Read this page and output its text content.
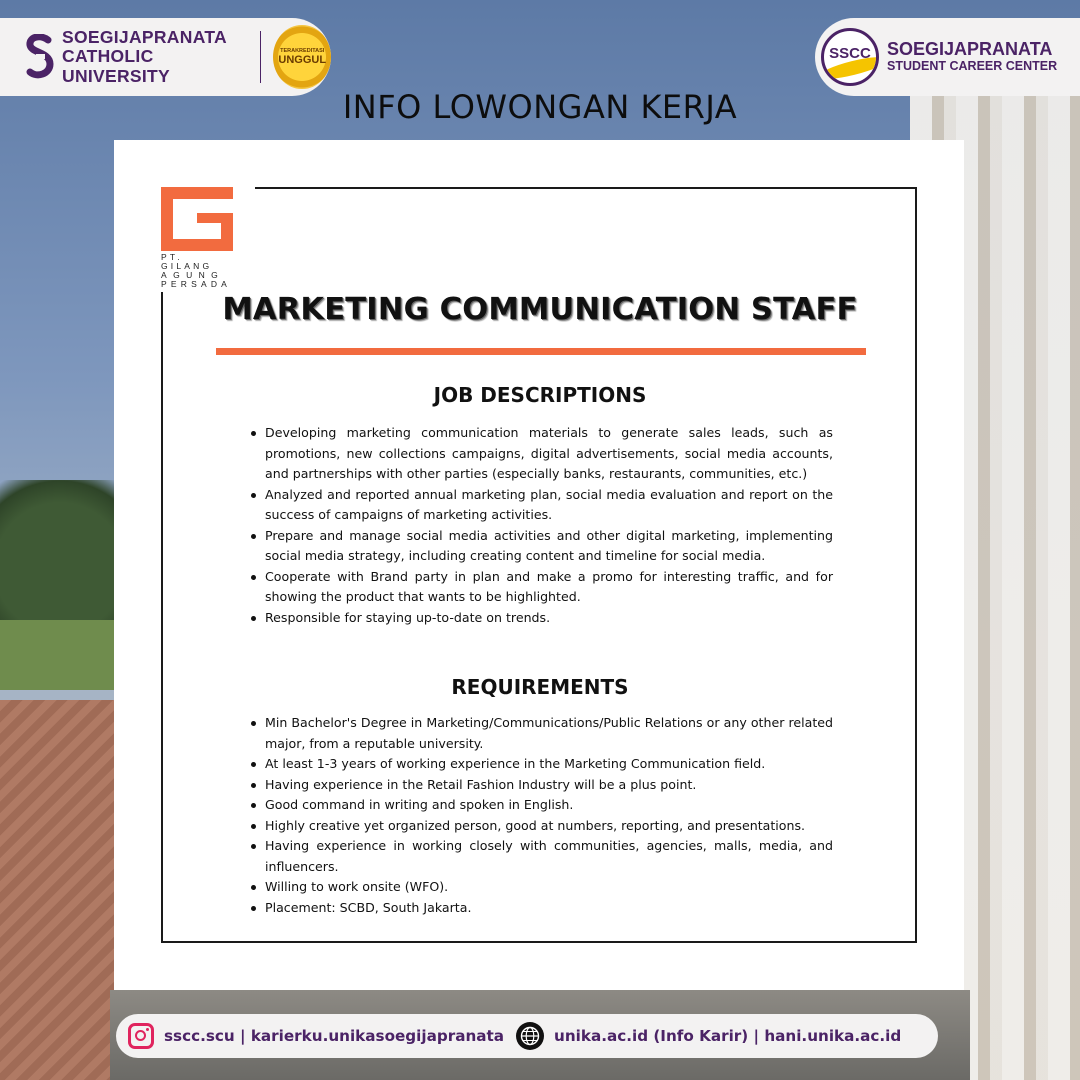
SOEGIJAPRANATA
CATHOLIC UNIVERSITY
TERAKREDITASI
UNGGUL	SSCC SOEGIJAPRANATA
STUDENT CAREER CENTER
INFO LOWONGAN KERJA
PT. GILANG
AGUNG
PERSADA
MARKETING COMMUNICATION STAFF
JOB DESCRIPTIONS
Developing marketing communication materials to generate sales leads, such as promotions, new collections campaigns, digital advertisements, social media accounts, and partnerships with other parties (especially banks, restaurants, communities, etc.)
Analyzed and reported annual marketing plan, social media evaluation and report on the success of campaigns of marketing activities.
Prepare and manage social media activities and other digital marketing, implementing social media strategy, including creating content and timeline for social media.
Cooperate with Brand party in plan and make a promo for interesting traffic, and for showing the product that wants to be highlighted.
Responsible for staying up-to-date on trends.
REQUIREMENTS
Min Bachelor's Degree in Marketing/Communications/Public Relations or any other related major, from a reputable university.
At least 1-3 years of working experience in the Marketing Communication field.
Having experience in the Retail Fashion Industry will be a plus point.
Good command in writing and spoken in English.
Highly creative yet organized person, good at numbers, reporting, and presentations.
Having experience in working closely with communities, agencies, malls, media, and influencers.
Willing to work onsite (WFO).
Placement: SCBD, South Jakarta.
sscc.scu | karierku.unikasoegijapranata	unika.ac.id (Info Karir) | hani.unika.ac.id
